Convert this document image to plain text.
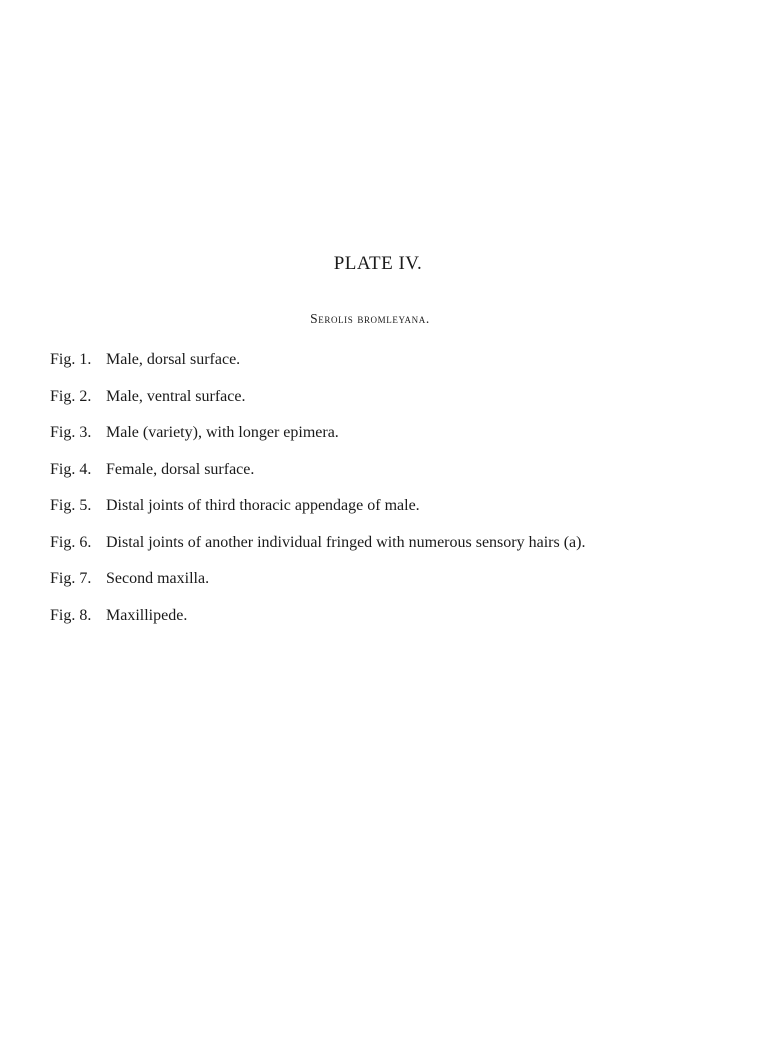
PLATE IV.
Serolis bromleyana.
Fig. 1. Male, dorsal surface.
Fig. 2. Male, ventral surface.
Fig. 3. Male (variety), with longer epimera.
Fig. 4. Female, dorsal surface.
Fig. 5. Distal joints of third thoracic appendage of male.
Fig. 6. Distal joints of another individual fringed with numerous sensory hairs (a).
Fig. 7. Second maxilla.
Fig. 8. Maxillipede.
